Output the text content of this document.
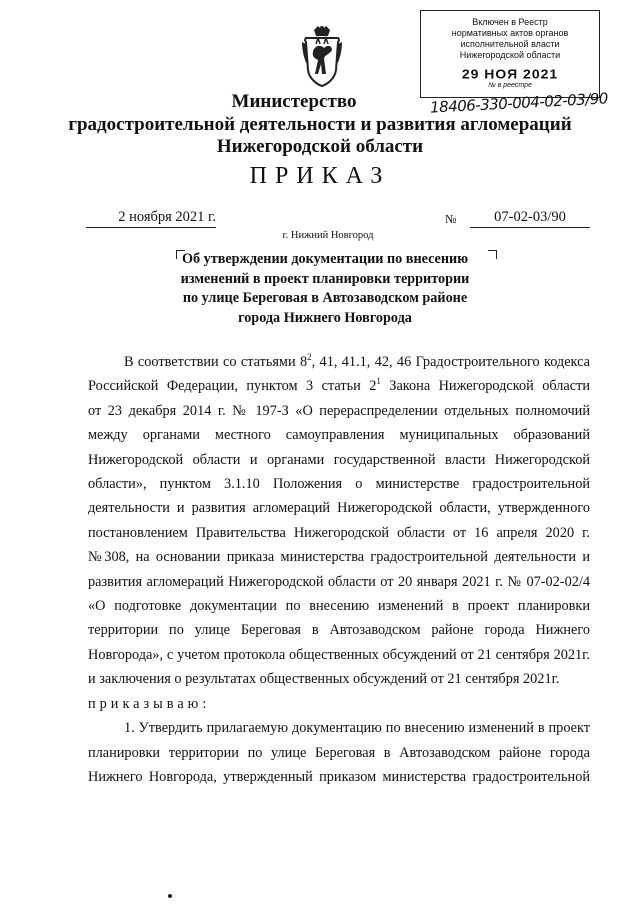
Включен в Реестр
нормативных актов органов
исполнительной власти
Нижегородской области
29 НОЯ 2021
№ в реестре
18406-330-004-02-03/90
Министерство
градостроительной деятельности и развития агломераций
Нижегородской области
ПРИКАЗ
2 ноября 2021 г.	№	07-02-03/90
г. Нижний Новгород
Об утверждении документации по внесению
изменений в проект планировки территории
по улице Береговая в Автозаводском районе
города Нижнего Новгорода
В соответствии со статьями $8^2$, 41, 41.1, 42, 46 Градостроительного кодекса
Российской Федерации, пунктом 3 статьи $2^1$ Закона Нижегородской области
от 23 декабря 2014 г. № 197-З «О перераспределении отдельных полномочий
между органами местного самоуправления муниципальных образований
Нижегородской области и органами государственной власти Нижегородской
области», пунктом 3.1.10 Положения о министерстве градостроительной
деятельности и развития агломераций Нижегородской области, утвержденного
постановлением Правительства Нижегородской области от 16 апреля 2020 г.
№308, на основании приказа министерства градостроительной деятельности и
развития агломераций Нижегородской области от 20 января 2021 г. № 07-02-02/4
«О подготовке документации по внесению изменений в проект планировки
территории по улице Береговая в Автозаводском районе города Нижнего
Новгорода», с учетом протокола общественных обсуждений от 21 сентября 2021г.
и заключения о результатах общественных обсуждений от 21 сентября 2021г.
приказываю:
1. Утвердить прилагаемую документацию по внесению изменений в проект
планировки территории по улице Береговая в Автозаводском районе города
Нижнего Новгорода, утвержденный приказом министерства градостроительной
